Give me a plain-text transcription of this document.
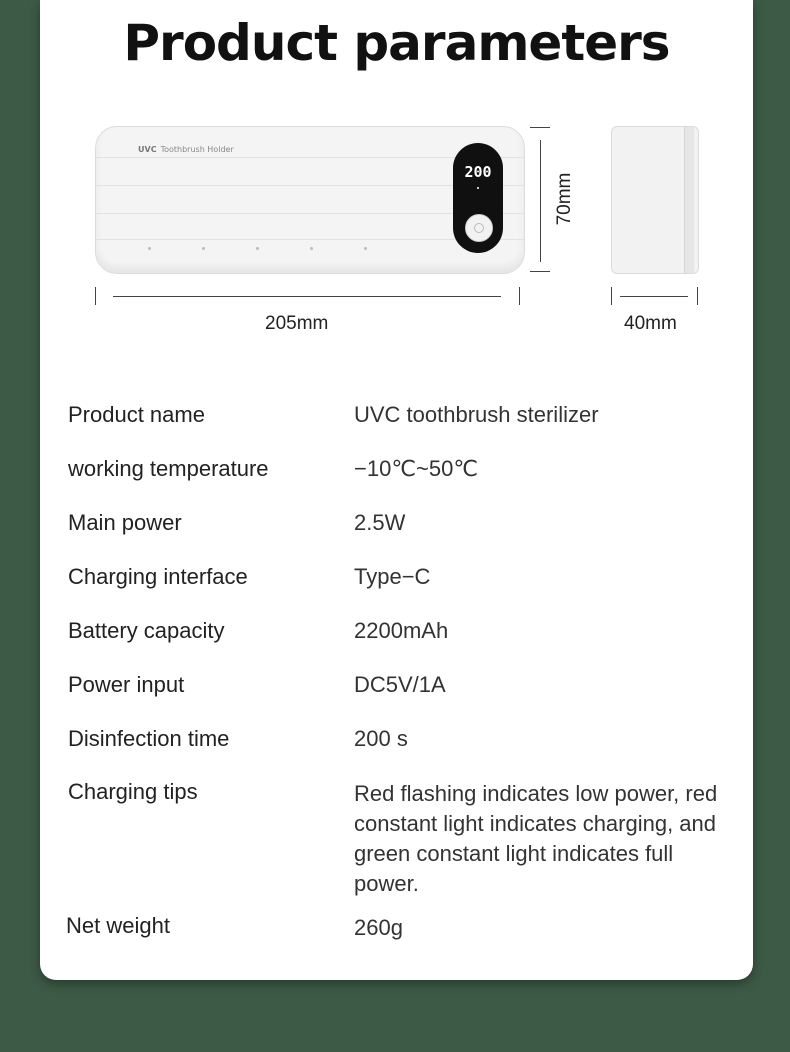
Product parameters
UVC Toothbrush Holder
200
70mm
205mm	40mm
Product name	UVC toothbrush sterilizer
working temperature	−10℃~50℃
Main power	2.5W
Charging interface	Type−C
Battery capacity	2200mAh
Power input	DC5V/1A
Disinfection time	200 s
Charging tips	Red flashing indicates low power, red constant light indicates charging, and green constant light indicates full power.
Net weight	260g
